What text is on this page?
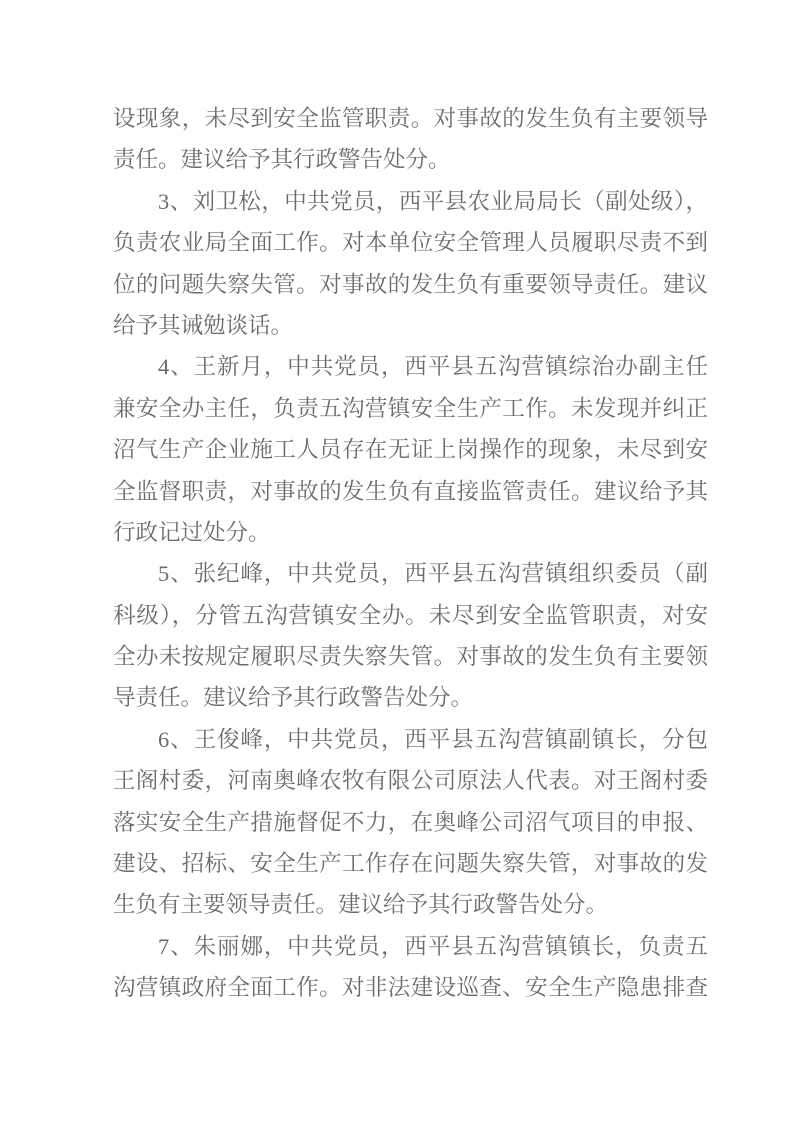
设现象，未尽到安全监管职责。对事故的发生负有主要领导
责任。建议给予其行政警告处分。
3、刘卫松，中共党员，西平县农业局局长（副处级），
负责农业局全面工作。对本单位安全管理人员履职尽责不到
位的问题失察失管。对事故的发生负有重要领导责任。建议
给予其诫勉谈话。
4、王新月，中共党员，西平县五沟营镇综治办副主任
兼安全办主任，负责五沟营镇安全生产工作。未发现并纠正
沼气生产企业施工人员存在无证上岗操作的现象，未尽到安
全监督职责，对事故的发生负有直接监管责任。建议给予其
行政记过处分。
5、张纪峰，中共党员，西平县五沟营镇组织委员（副
科级），分管五沟营镇安全办。未尽到安全监管职责，对安
全办未按规定履职尽责失察失管。对事故的发生负有主要领
导责任。建议给予其行政警告处分。
6、王俊峰，中共党员，西平县五沟营镇副镇长，分包
王阁村委，河南奥峰农牧有限公司原法人代表。对王阁村委
落实安全生产措施督促不力，在奥峰公司沼气项目的申报、
建设、招标、安全生产工作存在问题失察失管，对事故的发
生负有主要领导责任。建议给予其行政警告处分。
7、朱丽娜，中共党员，西平县五沟营镇镇长，负责五
沟营镇政府全面工作。对非法建设巡查、安全生产隐患排查
